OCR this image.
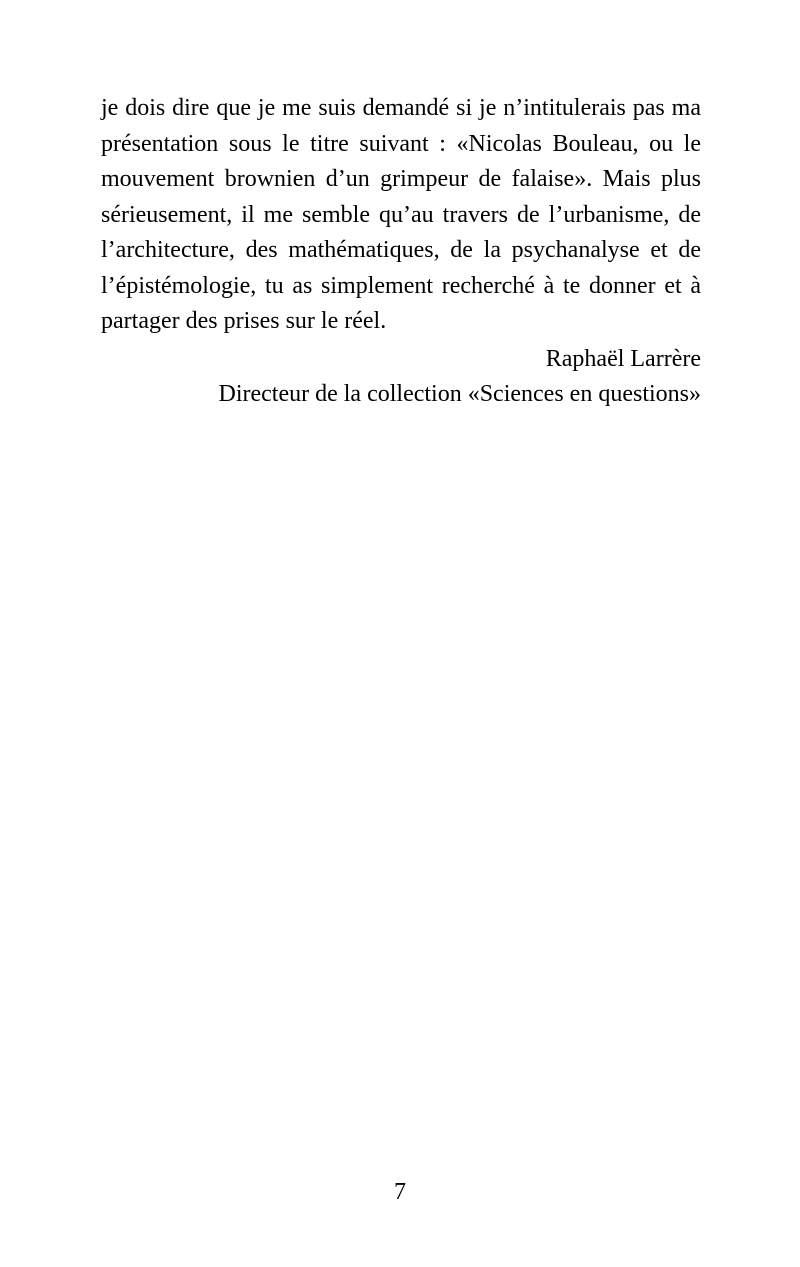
je dois dire que je me suis demandé si je n’intitulerais pas ma
présentation sous le titre suivant : «Nicolas Bouleau, ou le
mouvement brownien d’un grimpeur de falaise». Mais plus
sérieusement, il me semble qu’au travers de l’urbanisme, de
l’architecture, des mathématiques, de la psychanalyse et de
l’épistémologie, tu as simplement recherché à te donner et à
partager des prises sur le réel.
Raphaël Larrère
Directeur de la collection «Sciences en questions»
7
